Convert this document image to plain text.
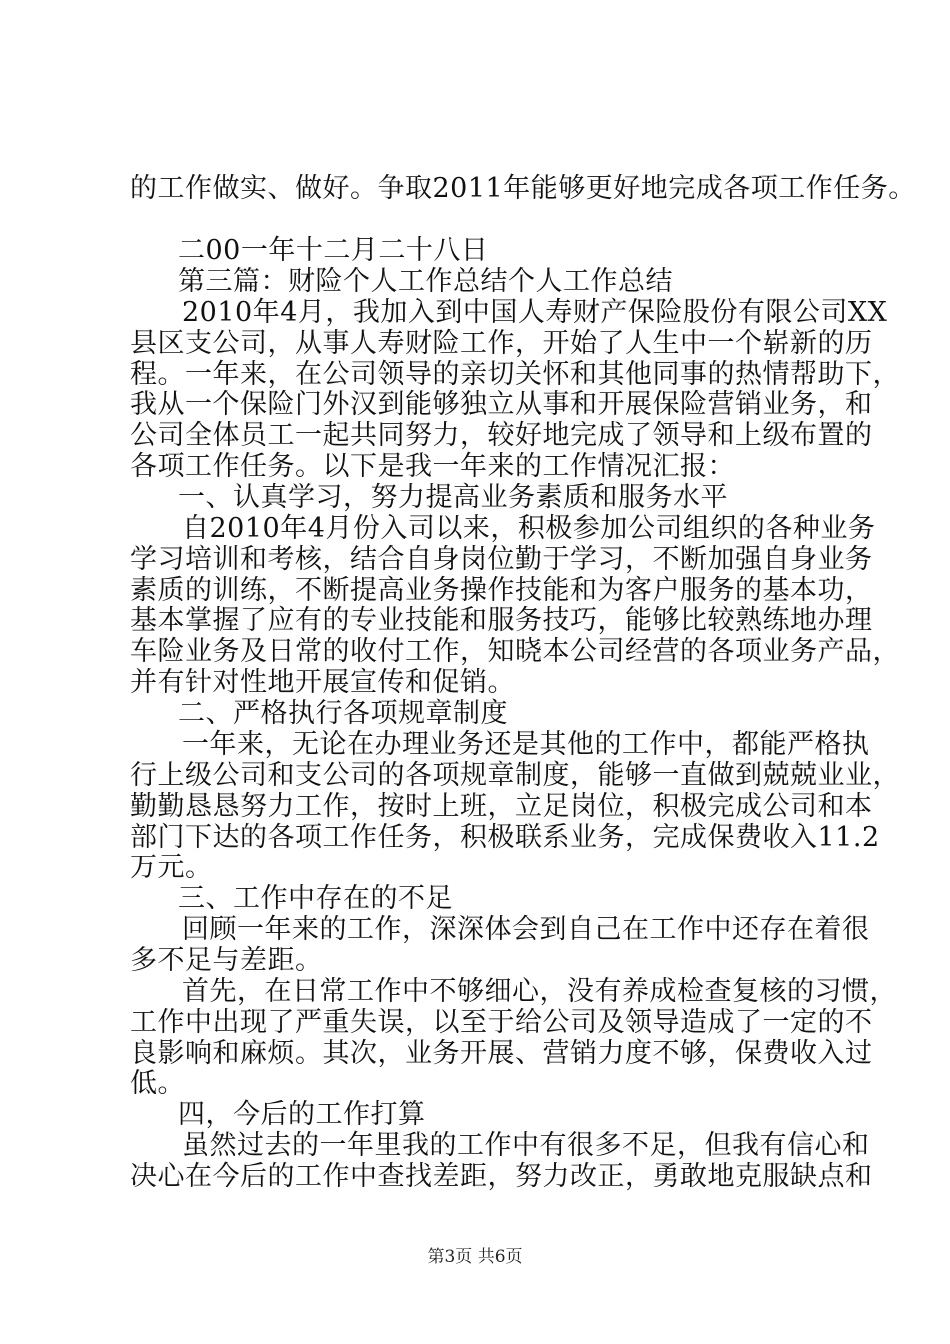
的工作做实、做好。争取2011年能够更好地完成各项工作任务。
二00一年十二月二十八日
第三篇：财险个人工作总结个人工作总结
2010年4月，我加入到中国人寿财产保险股份有限公司XX
县区支公司，从事人寿财险工作，开始了人生中一个崭新的历
程。一年来，在公司领导的亲切关怀和其他同事的热情帮助下，
我从一个保险门外汉到能够独立从事和开展保险营销业务，和
公司全体员工一起共同努力，较好地完成了领导和上级布置的
各项工作任务。以下是我一年来的工作情况汇报：
一、认真学习，努力提高业务素质和服务水平
自2010年4月份入司以来，积极参加公司组织的各种业务
学习培训和考核，结合自身岗位勤于学习，不断加强自身业务
素质的训练，不断提高业务操作技能和为客户服务的基本功，
基本掌握了应有的专业技能和服务技巧，能够比较熟练地办理
车险业务及日常的收付工作，知晓本公司经营的各项业务产品，
并有针对性地开展宣传和促销。
二、严格执行各项规章制度
一年来，无论在办理业务还是其他的工作中，都能严格执
行上级公司和支公司的各项规章制度，能够一直做到兢兢业业，
勤勤恳恳努力工作，按时上班，立足岗位，积极完成公司和本
部门下达的各项工作任务，积极联系业务，完成保费收入11.2
万元。
三、工作中存在的不足
回顾一年来的工作，深深体会到自己在工作中还存在着很
多不足与差距。
首先，在日常工作中不够细心，没有养成检查复核的习惯，
工作中出现了严重失误，以至于给公司及领导造成了一定的不
良影响和麻烦。其次，业务开展、营销力度不够，保费收入过
低。
四，今后的工作打算
虽然过去的一年里我的工作中有很多不足，但我有信心和
决心在今后的工作中查找差距，努力改正，勇敢地克服缺点和
第3页 共6页
